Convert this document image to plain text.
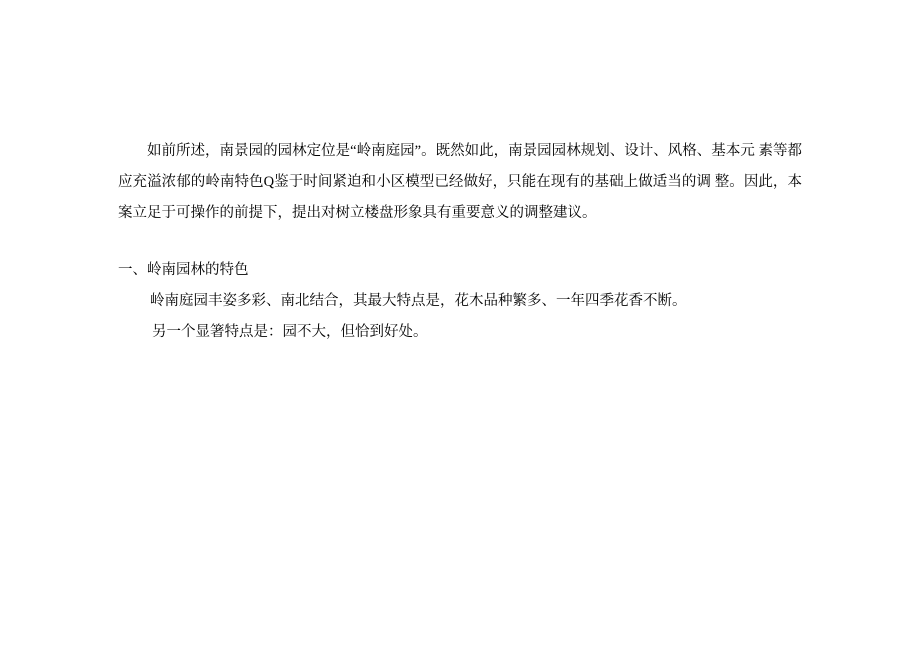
如前所述，南景园的园林定位是“岭南庭园”。既然如此，南景园园林规划、设计、风格、基本元 素等都应充溢浓郁的岭南特色Q鉴于时间紧迫和小区模型已经做好，只能在现有的基础上做适当的调 整。因此，本案立足于可操作的前提下，提出对树立楼盘形象具有重要意义的调整建议。

一、岭南园林的特色

岭南庭园丰姿多彩、南北结合，其最大特点是，花木品种繁多、一年四季花香不断。

另一个显箸特点是：园不大，但恰到好处。
